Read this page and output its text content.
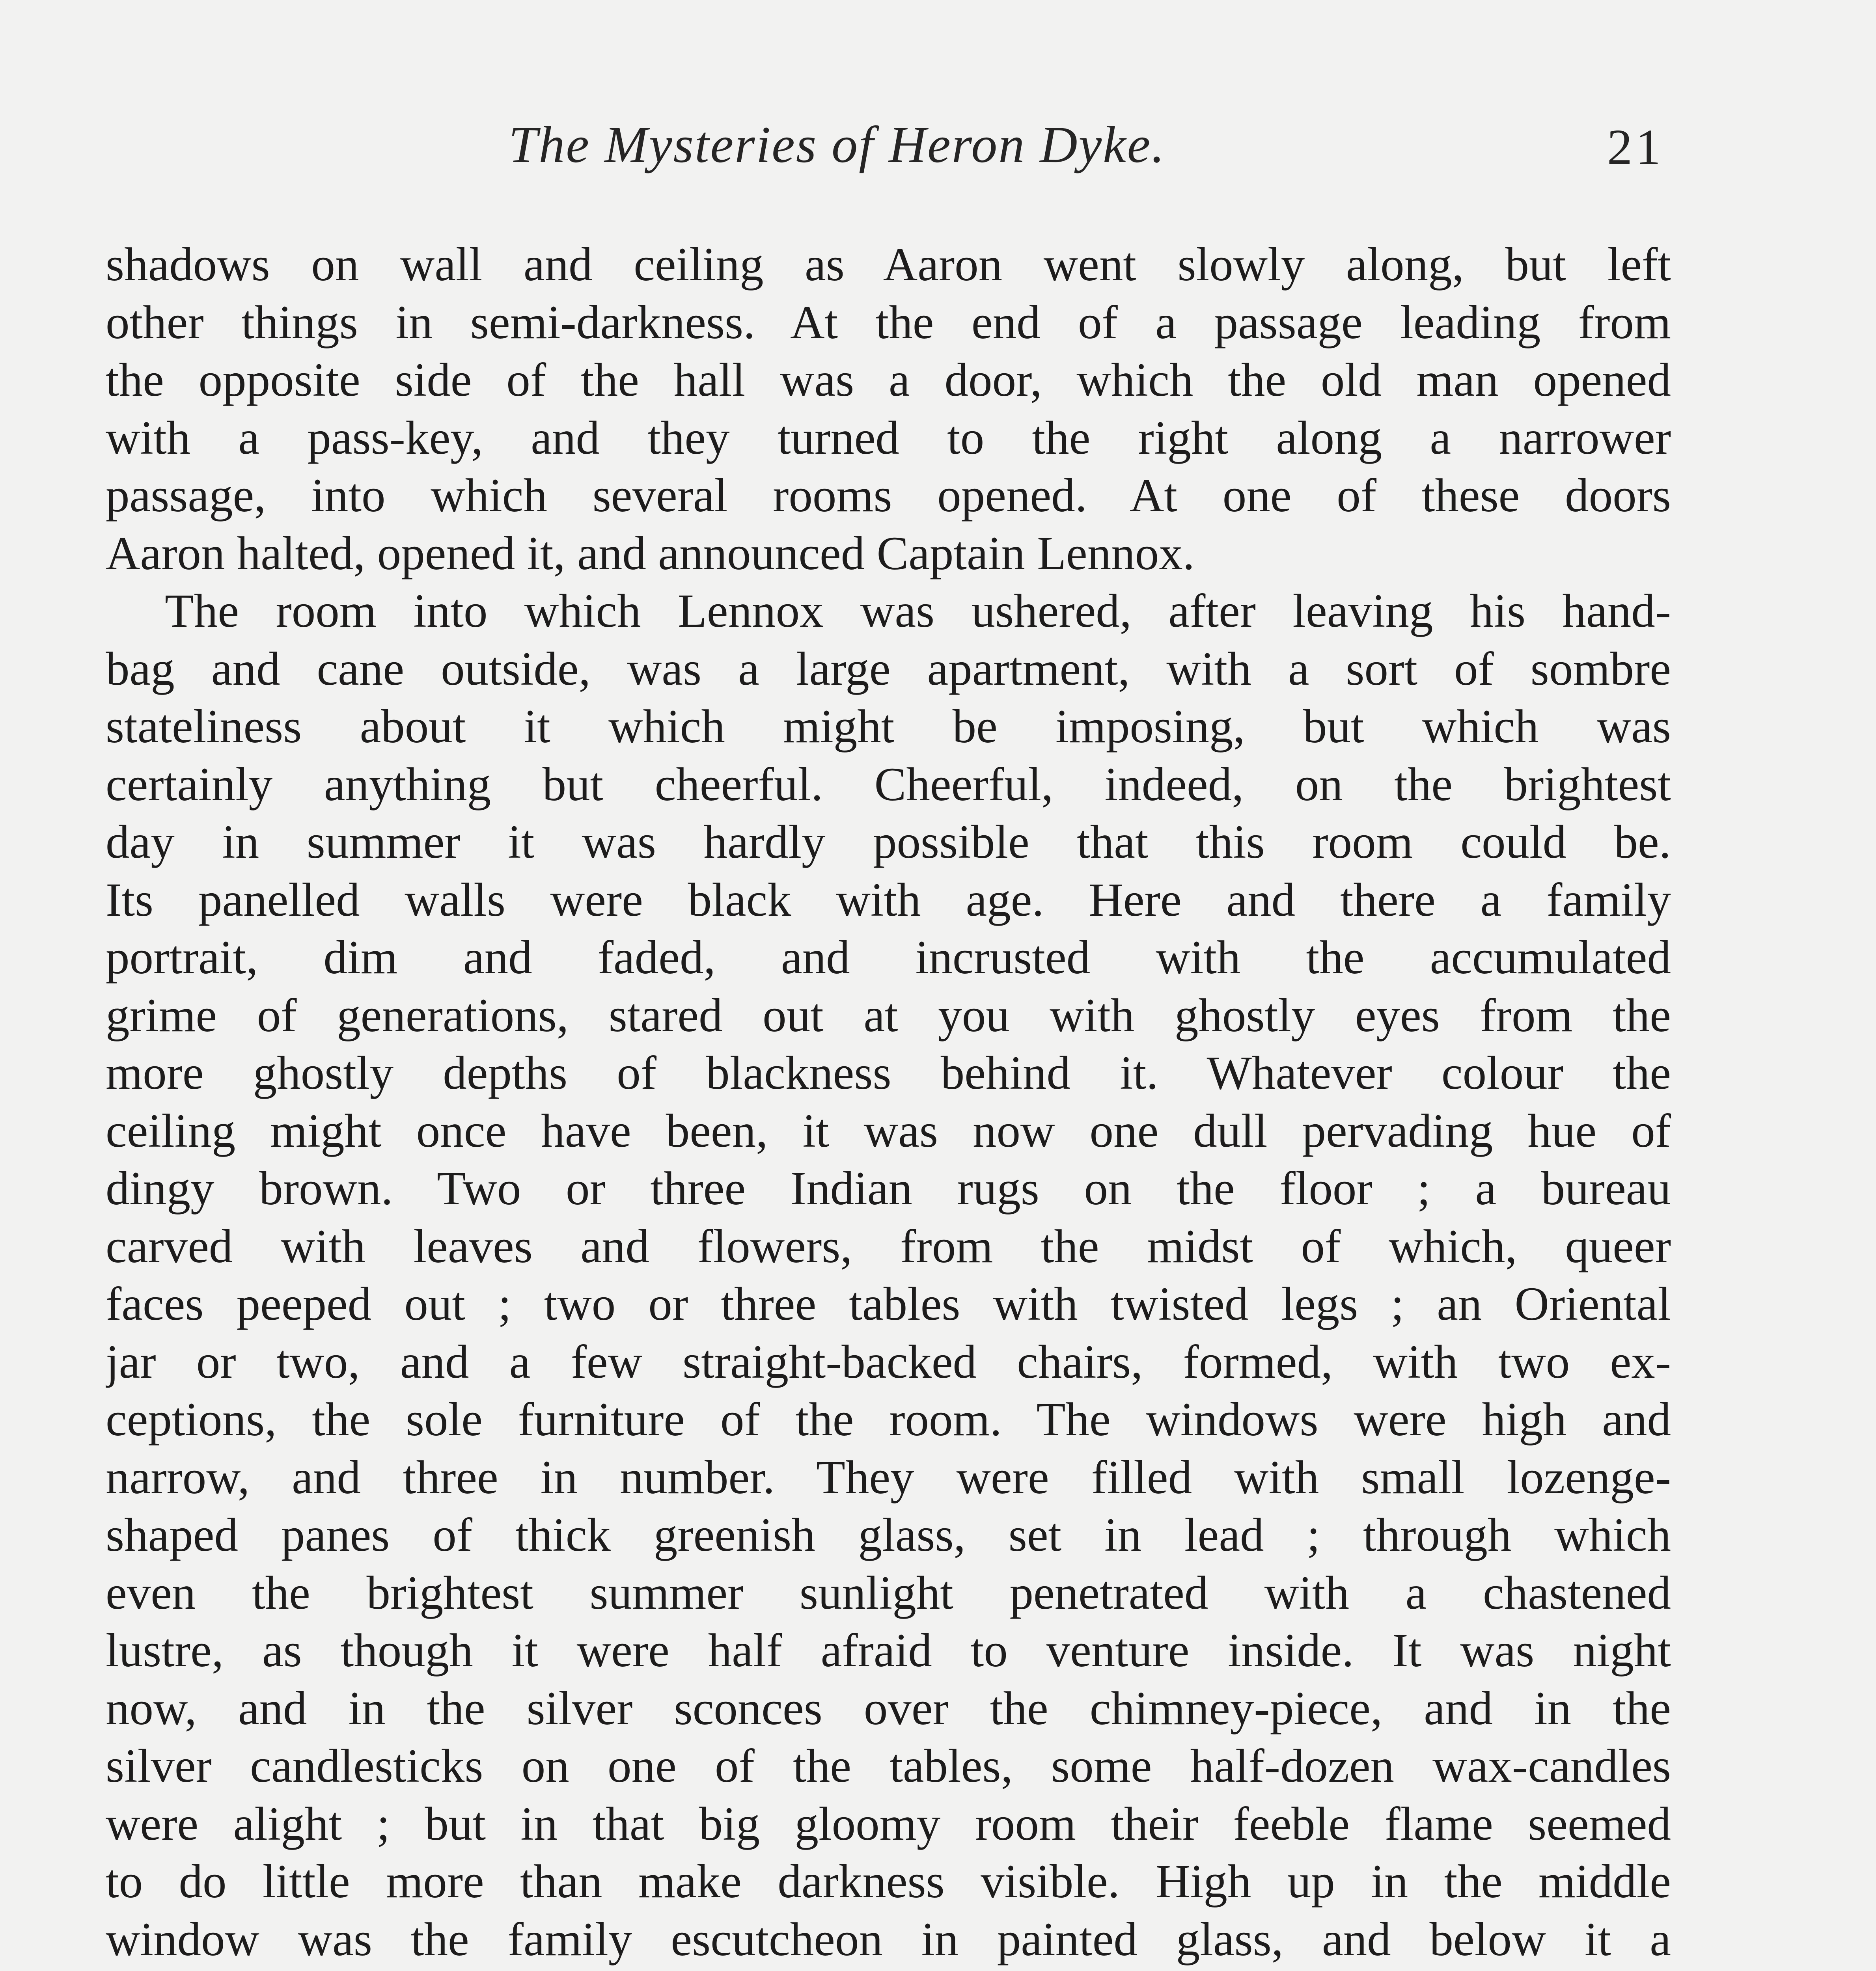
The Mysteries of Heron Dyke.	21
shadows on wall and ceiling as Aaron went slowly along, but left
other things in semi-darkness. At the end of a passage leading from
the opposite side of the hall was a door, which the old man opened
with a pass-key, and they turned to the right along a narrower
passage, into which several rooms opened. At one of these doors
Aaron halted, opened it, and announced Captain Lennox.
The room into which Lennox was ushered, after leaving his hand-
bag and cane outside, was a large apartment, with a sort of sombre
stateliness about it which might be imposing, but which was
certainly anything but cheerful. Cheerful, indeed, on the brightest
day in summer it was hardly possible that this room could be.
Its panelled walls were black with age. Here and there a family
portrait, dim and faded, and incrusted with the accumulated
grime of generations, stared out at you with ghostly eyes from the
more ghostly depths of blackness behind it. Whatever colour the
ceiling might once have been, it was now one dull pervading hue of
dingy brown. Two or three Indian rugs on the floor ; a bureau
carved with leaves and flowers, from the midst of which, queer
faces peeped out ; two or three tables with twisted legs ; an Oriental
jar or two, and a few straight-backed chairs, formed, with two ex-
ceptions, the sole furniture of the room. The windows were high and
narrow, and three in number. They were filled with small lozenge-
shaped panes of thick greenish glass, set in lead ; through which
even the brightest summer sunlight penetrated with a chastened
lustre, as though it were half afraid to venture inside. It was night
now, and in the silver sconces over the chimney-piece, and in the
silver candlesticks on one of the tables, some half-dozen wax-candles
were alight ; but in that big gloomy room their feeble flame seemed
to do little more than make darkness visible. High up in the middle
window was the family escutcheon in painted glass, and below it a
